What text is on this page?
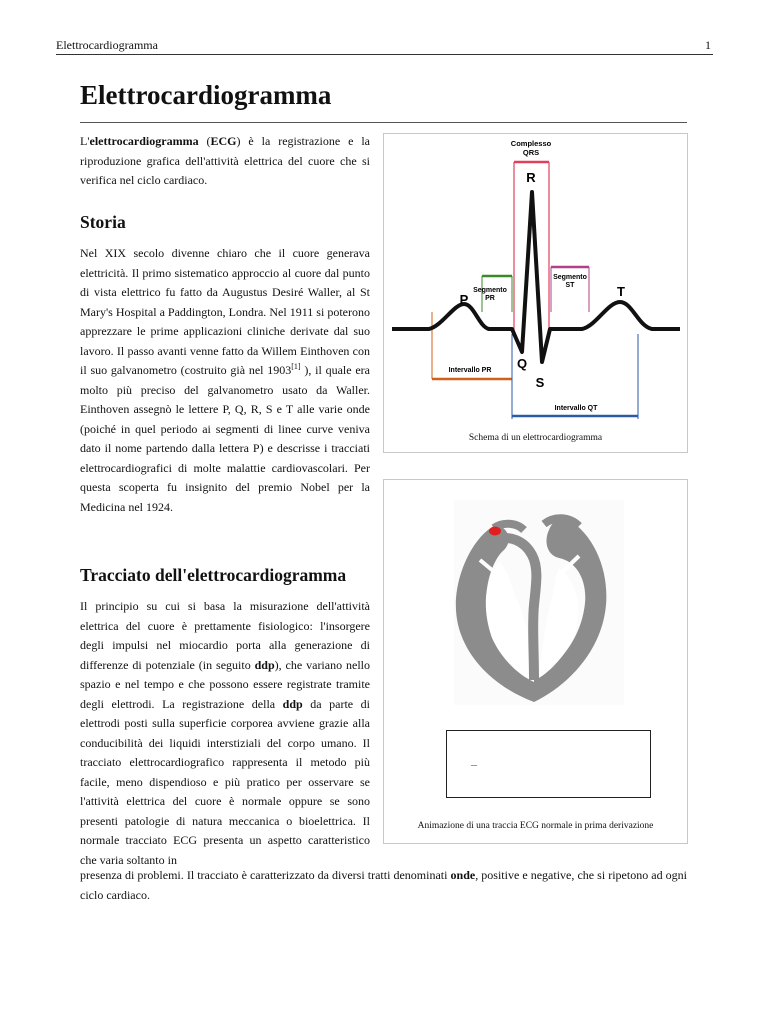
Elettrocardiogramma	1
Elettrocardiogramma

L'elettrocardiogramma (ECG) è la registrazione e la riproduzione grafica dell'attività elettrica del cuore che si verifica nel ciclo cardiaco.

Storia

Nel XIX secolo divenne chiaro che il cuore generava elettricità. Il primo sistematico approccio al cuore dal punto di vista elettrico fu fatto da Augustus Desiré Waller, al St Mary's Hospital a Paddington, Londra. Nel 1911 si poterono apprezzare le prime applicazioni cliniche derivate dal suo lavoro. Il passo avanti venne fatto da Willem Einthoven con il suo galvanometro (costruito già nel 1903[1] ), il quale era molto più preciso del galvanometro usato da Waller. Einthoven assegnò le lettere P, Q, R, S e T alle varie onde (poiché in quel periodo ai segmenti di linee curve veniva dato il nome partendo dalla lettera P) e descrisse i tracciati elettrocardiografici di molte malattie cardiovascolari. Per questa scoperta fu insignito del premio Nobel per la Medicina nel 1924.

Tracciato dell'elettrocardiogramma

Il principio su cui si basa la misurazione dell'attività elettrica del cuore è prettamente fisiologico: l'insorgere degli impulsi nel miocardio porta alla generazione di differenze di potenziale (in seguito ddp), che variano nello spazio e nel tempo e che possono essere registrate tramite degli elettrodi. La registrazione della ddp da parte di elettrodi posti sulla superficie corporea avviene grazie alla conducibilità dei liquidi interstiziali del corpo umano. Il tracciato elettrocardiografico rappresenta il metodo più facile, meno dispendioso e più pratico per osservare se l'attività elettrica del cuore è normale oppure se sono presenti patologie di natura meccanica o bioelettrica. Il normale tracciato ECG presenta un aspetto caratteristico che varia soltanto in

presenza di problemi. Il tracciato è caratterizzato da diversi tratti denominati onde, positive e negative, che si ripetono ad ogni ciclo cardiaco.
Complesso
QRS
Segmento
PR
Segmento
ST
Intervallo PR
Intervallo QT
R
P
T
Q
S
Schema di un elettrocardiogramma
_
Animazione di una traccia ECG normale in prima derivazione
